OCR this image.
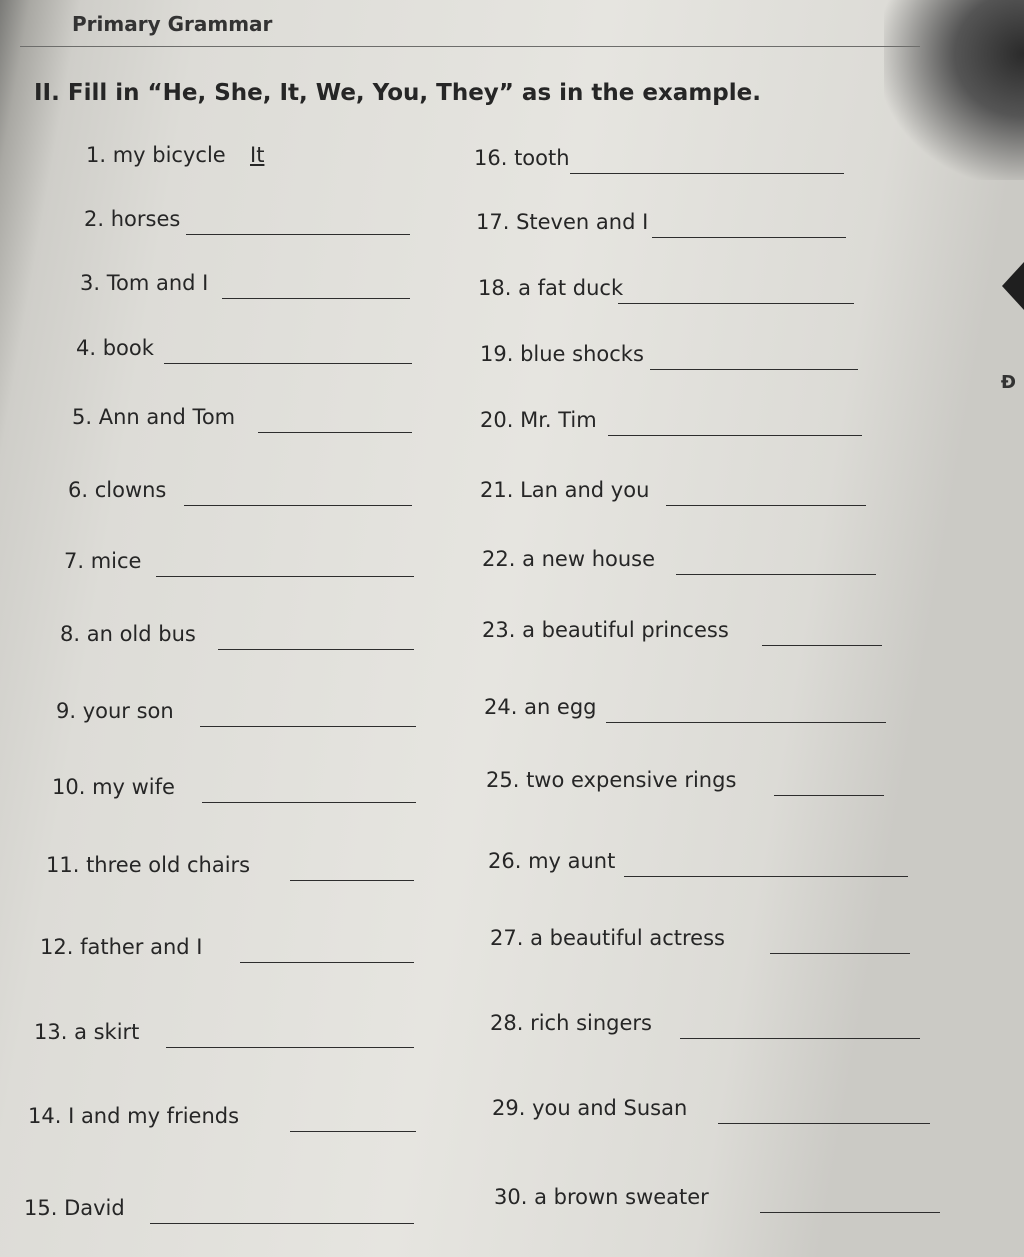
Đ
Primary Grammar
II. Fill in “He, She, It, We, You, They” as in the example.
1. my bicycle It
2. horses
3. Tom and I
4. book
5. Ann and Tom
6. clowns
7. mice
8. an old bus
9. your son
10. my wife
11. three old chairs
12. father and I
13. a skirt
14. I and my friends
15. David
16. tooth
17. Steven and I
18. a fat duck
19. blue shocks
20. Mr. Tim
21. Lan and you
22. a new house
23. a beautiful princess
24. an egg
25. two expensive rings
26. my aunt
27. a beautiful actress
28. rich singers
29. you and Susan
30. a brown sweater
